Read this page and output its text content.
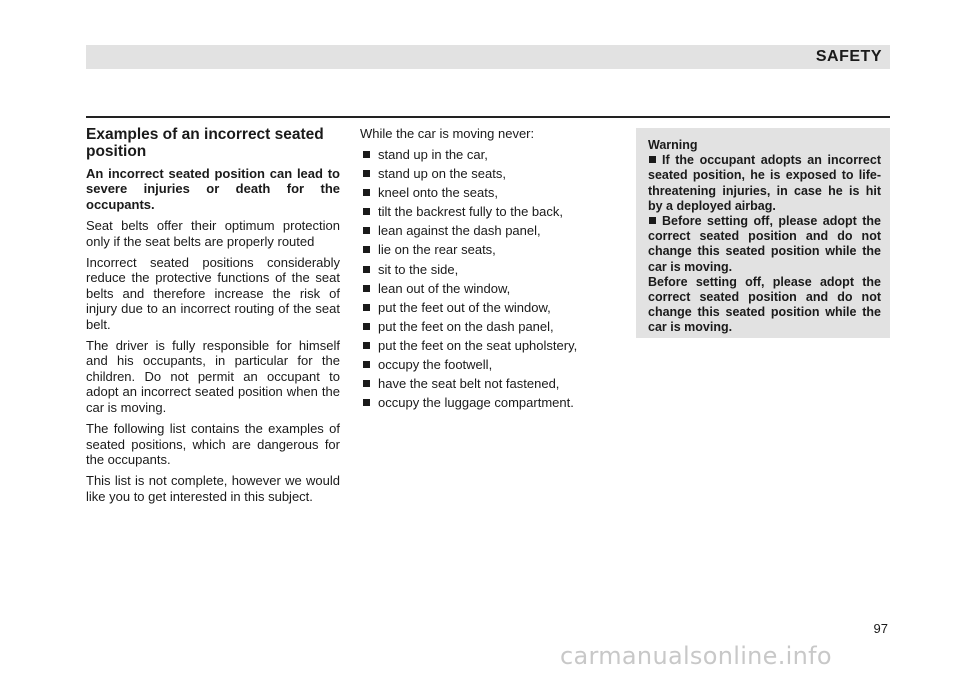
SAFETY
Examples of an incorrect seated position

An incorrect seated position can lead to severe injuries or death for the occupants.

Seat belts offer their optimum protection only if the seat belts are properly routed

Incorrect seated positions considerably reduce the protective functions of the seat belts and therefore increase the risk of injury due to an incorrect routing of the seat belt.

The driver is fully responsible for himself and his occupants, in particular for the children. Do not permit an occupant to adopt an incorrect seated position when the car is moving.

The following list contains the examples of seated positions, which are dangerous for the occupants.

This list is not complete, however we would like you to get interested in this subject.

While the car is moving never:
stand up in the car,
stand up on the seats,
kneel onto the seats,
tilt the backrest fully to the back,
lean against the dash panel,
lie on the rear seats,
sit to the side,
lean out of the window,
put the feet out of the window,
put the feet on the dash panel,
put the feet on the seat upholstery,
occupy the footwell,
have the seat belt not fastened,
occupy the luggage compartment.
Warning

If the occupant adopts an incorrect seated position, he is exposed to life-threatening injuries, in case he is hit by a deployed airbag.

Before setting off, please adopt the correct seated position and do not change this seated position while the car is moving.

Before setting off, please adopt the correct seated position and do not change this seated position while the car is moving.

97
carmanualsonline.info
